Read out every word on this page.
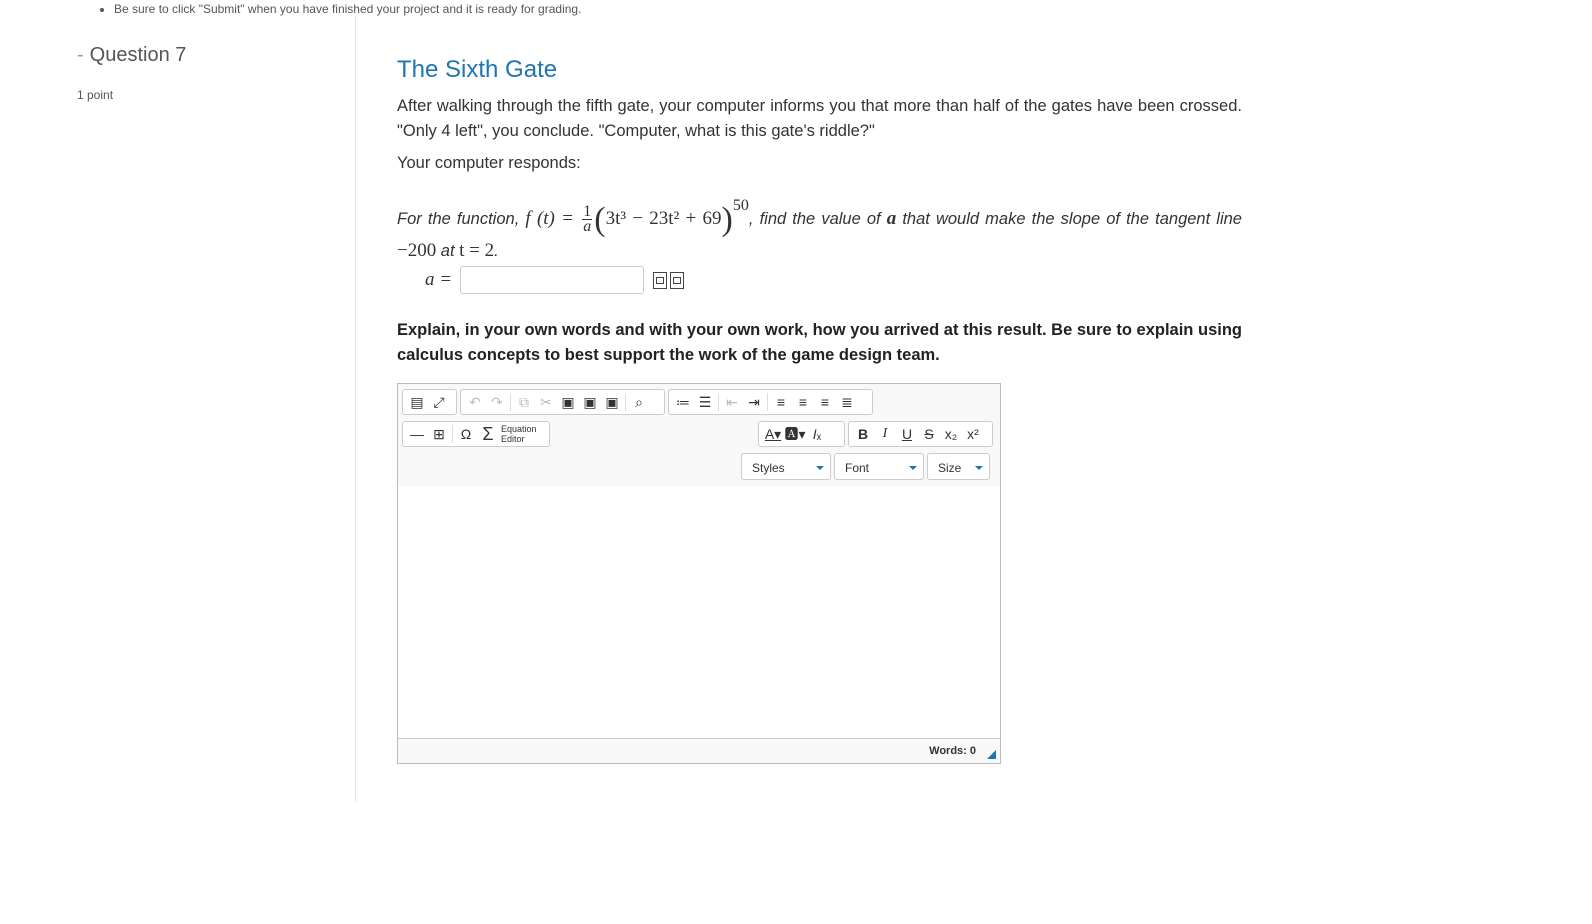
Be sure to click "Submit" when you have finished your project and it is ready for grading.
- Question 7
1 point
The Sixth Gate

After walking through the fifth gate, your computer informs you that more than half of the gates have been crossed. "Only 4 left", you conclude. "Computer, what is this gate's riddle?"

Your computer responds:

For the function, f $(t) = \frac{1}{a} (3t^3 - 23t^2 + 69)^{50}$, find the value of a that would make the slope of the tangent line −200 at t = 2.
a =
Explain, in your own words and with your own work, how you arrived at this result. Be sure to explain using calculus concepts to best support the work of the game design team.
▤ ⤢	↶ ↷	⧉ ✂ ▣ ▣ ▣	⌕	≔ ☰	⇤ ⇥	≡ ≡ ≡ ≣
― ⊞	Ω Σ Equation
Editor	A▾ 🅰▾ I ₓ	B I U S x₂ x²
Styles	Font	Size
Words: 0
